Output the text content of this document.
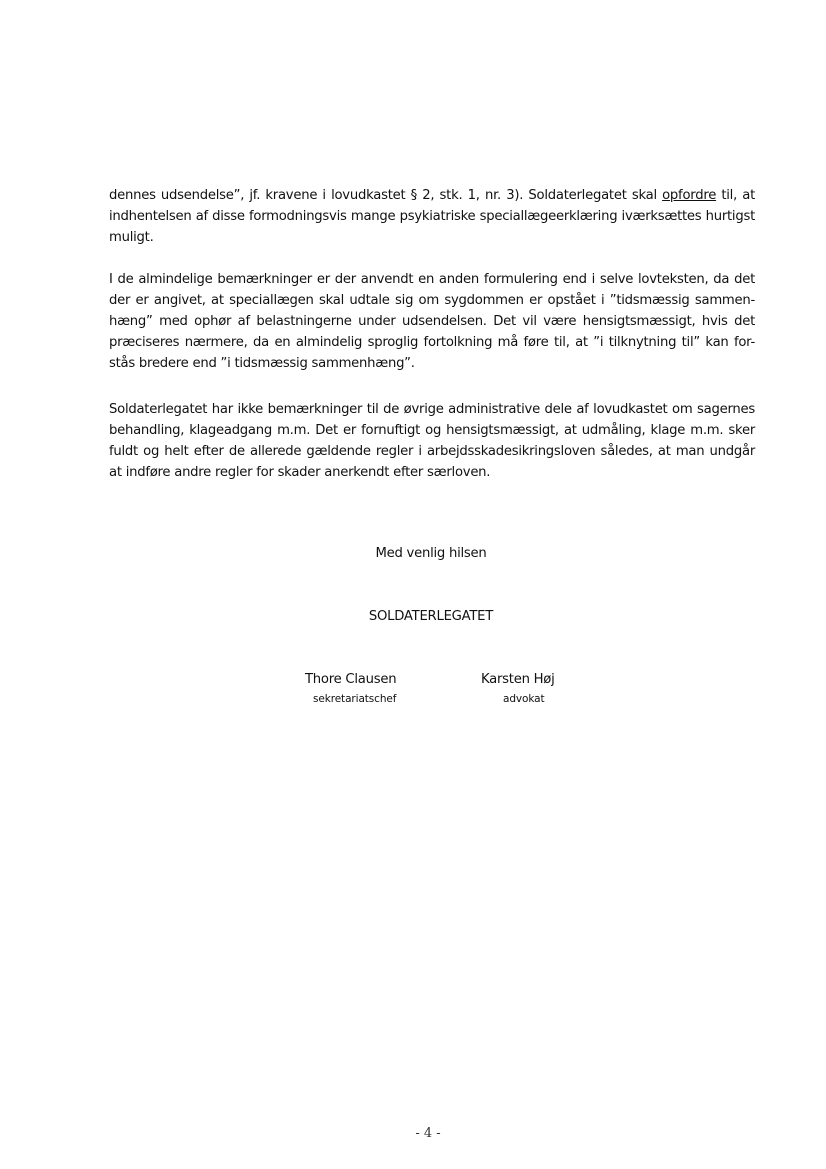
dennes udsendelse”, jf. kravene i lovudkastet § 2, stk. 1, nr. 3). Soldaterlegatet skal opfordre til, at
indhentelsen af disse formodningsvis mange psykiatriske speciallægeerklæring iværksættes hurtigst
muligt.

I de almindelige bemærkninger er der anvendt en anden formulering end i selve lovteksten, da det
der er angivet, at speciallægen skal udtale sig om sygdommen er opstået i ”tidsmæssig sammen-
hæng” med ophør af belastningerne under udsendelsen. Det vil være hensigtsmæssigt, hvis det
præciseres nærmere, da en almindelig sproglig fortolkning må føre til, at ”i tilknytning til” kan for-
stås bredere end ”i tidsmæssig sammenhæng”.

Soldaterlegatet har ikke bemærkninger til de øvrige administrative dele af lovudkastet om sagernes
behandling, klageadgang m.m. Det er fornuftigt og hensigtsmæssigt, at udmåling, klage m.m. sker
fuldt og helt efter de allerede gældende regler i arbejdsskadesikringsloven således, at man undgår
at indføre andre regler for skader anerkendt efter særloven.

Med venlig hilsen

SOLDATERLEGATET

Thore Clausen

sekretariatschef

Karsten Høj

advokat

- 4 -
